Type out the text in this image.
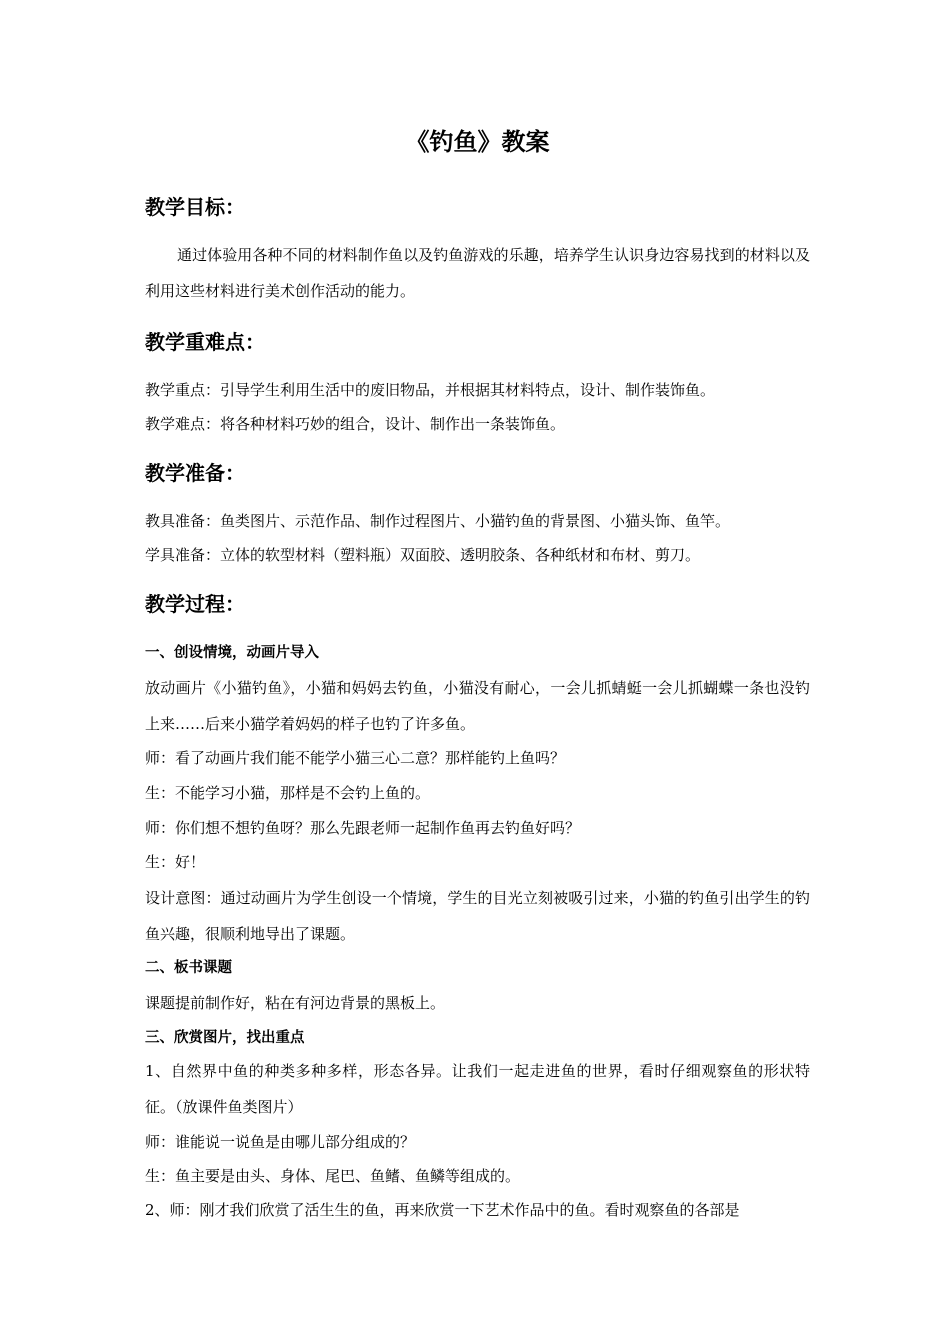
《钓鱼》教案
教学目标：

通过体验用各种不同的材料制作鱼以及钓鱼游戏的乐趣，培养学生认识身边容易找到的材料以及利用这些材料进行美术创作活动的能力。

教学重难点：

教学重点：引导学生利用生活中的废旧物品，并根据其材料特点，设计、制作装饰鱼。

教学难点：将各种材料巧妙的组合，设计、制作出一条装饰鱼。

教学准备：

教具准备：鱼类图片、示范作品、制作过程图片、小猫钓鱼的背景图、小猫头饰、鱼竿。

学具准备：立体的软型材料（塑料瓶）双面胶、透明胶条、各种纸材和布材、剪刀。

教学过程：
一、创设情境，动画片导入

放动画片《小猫钓鱼》，小猫和妈妈去钓鱼，小猫没有耐心，一会儿抓蜻蜓一会儿抓蝴蝶一条也没钓上来……后来小猫学着妈妈的样子也钓了许多鱼。

师：看了动画片我们能不能学小猫三心二意？那样能钓上鱼吗？

生：不能学习小猫，那样是不会钓上鱼的。

师：你们想不想钓鱼呀？那么先跟老师一起制作鱼再去钓鱼好吗？

生：好！

设计意图：通过动画片为学生创设一个情境，学生的目光立刻被吸引过来，小猫的钓鱼引出学生的钓鱼兴趣，很顺利地导出了课题。

二、板书课题

课题提前制作好，粘在有河边背景的黑板上。

三、欣赏图片，找出重点

1、自然界中鱼的种类多种多样，形态各异。让我们一起走进鱼的世界，看时仔细观察鱼的形状特征。（放课件鱼类图片）

师：谁能说一说鱼是由哪儿部分组成的？

生：鱼主要是由头、身体、尾巴、鱼鳍、鱼鳞等组成的。

2、师：刚才我们欣赏了活生生的鱼，再来欣赏一下艺术作品中的鱼。看时观察鱼的各部是
